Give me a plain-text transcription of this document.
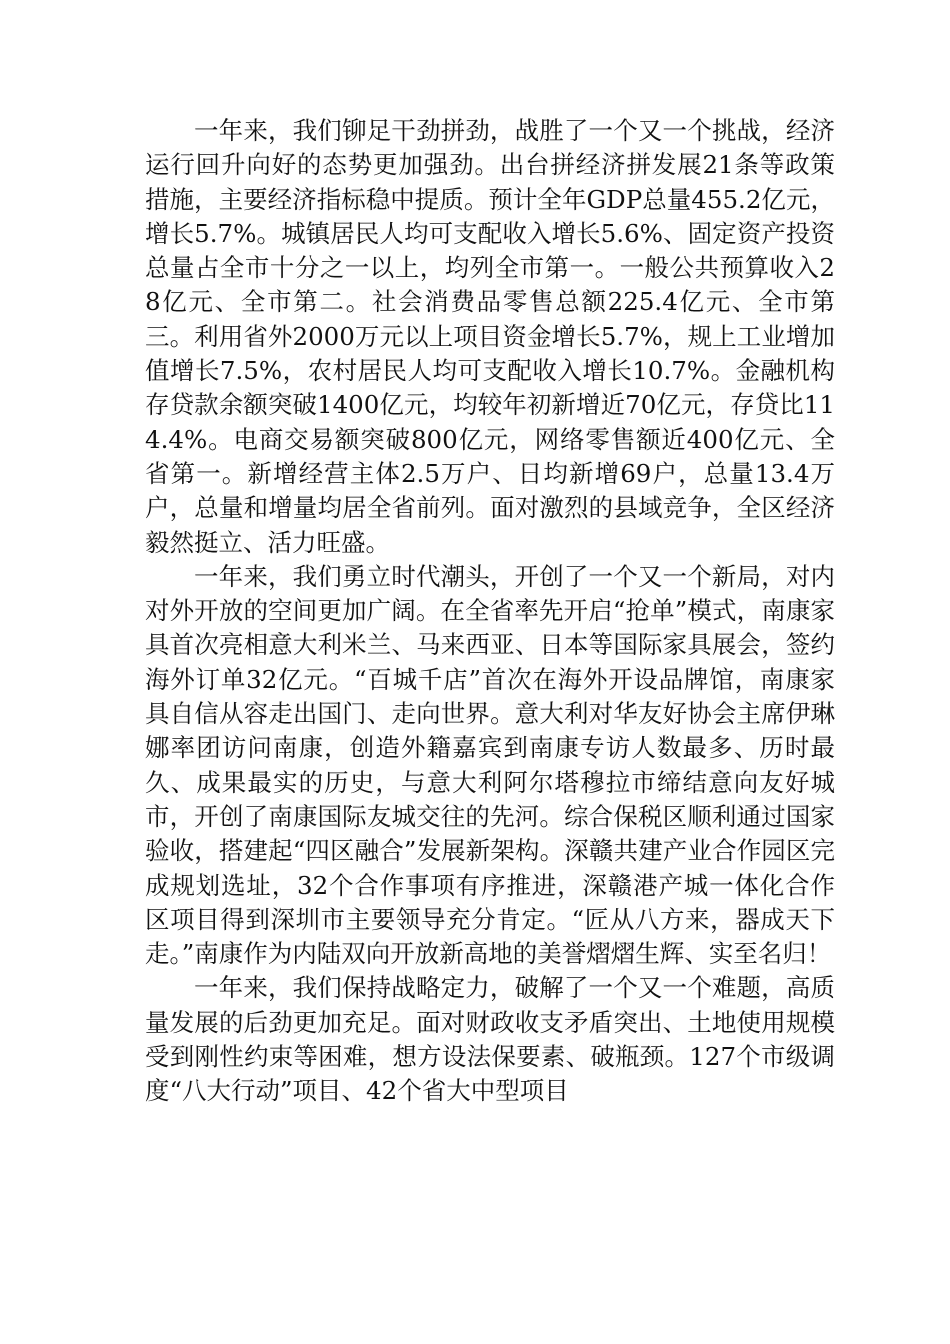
一年来，我们铆足干劲拼劲，战胜了一个又一个挑战，经济运行回升向好的态势更加强劲。出台拼经济拼发展21条等政策措施，主要经济指标稳中提质。预计全年GDP总量455.2亿元，增长5.7%。城镇居民人均可支配收入增长5.6%、固定资产投资总量占全市十分之一以上，均列全市第一。一般公共预算收入28亿元、全市第二。社会消费品零售总额225.4亿元、全市第三。利用省外2000万元以上项目资金增长5.7%，规上工业增加值增长7.5%，农村居民人均可支配收入增长10.7%。金融机构存贷款余额突破1400亿元，均较年初新增近70亿元，存贷比114.4%。电商交易额突破800亿元，网络零售额近400亿元、全省第一。新增经营主体2.5万户、日均新增69户，总量13.4万户，总量和增量均居全省前列。面对激烈的县域竞争，全区经济毅然挺立、活力旺盛。

一年来，我们勇立时代潮头，开创了一个又一个新局，对内对外开放的空间更加广阔。在全省率先开启“抢单”模式，南康家具首次亮相意大利米兰、马来西亚、日本等国际家具展会，签约海外订单32亿元。“百城千店”首次在海外开设品牌馆，南康家具自信从容走出国门、走向世界。意大利对华友好协会主席伊琳娜率团访问南康，创造外籍嘉宾到南康专访人数最多、历时最久、成果最实的历史，与意大利阿尔塔穆拉市缔结意向友好城市，开创了南康国际友城交往的先河。综合保税区顺利通过国家验收，搭建起“四区融合”发展新架构。深赣共建产业合作园区完成规划选址，32个合作事项有序推进，深赣港产城一体化合作区项目得到深圳市主要领导充分肯定。“匠从八方来，器成天下走。”南康作为内陆双向开放新高地的美誉熠熠生辉、实至名归！

一年来，我们保持战略定力，破解了一个又一个难题，高质量发展的后劲更加充足。面对财政收支矛盾突出、土地使用规模受到刚性约束等困难，想方设法保要素、破瓶颈。127个市级调度“八大行动”项目、42个省大中型项目
